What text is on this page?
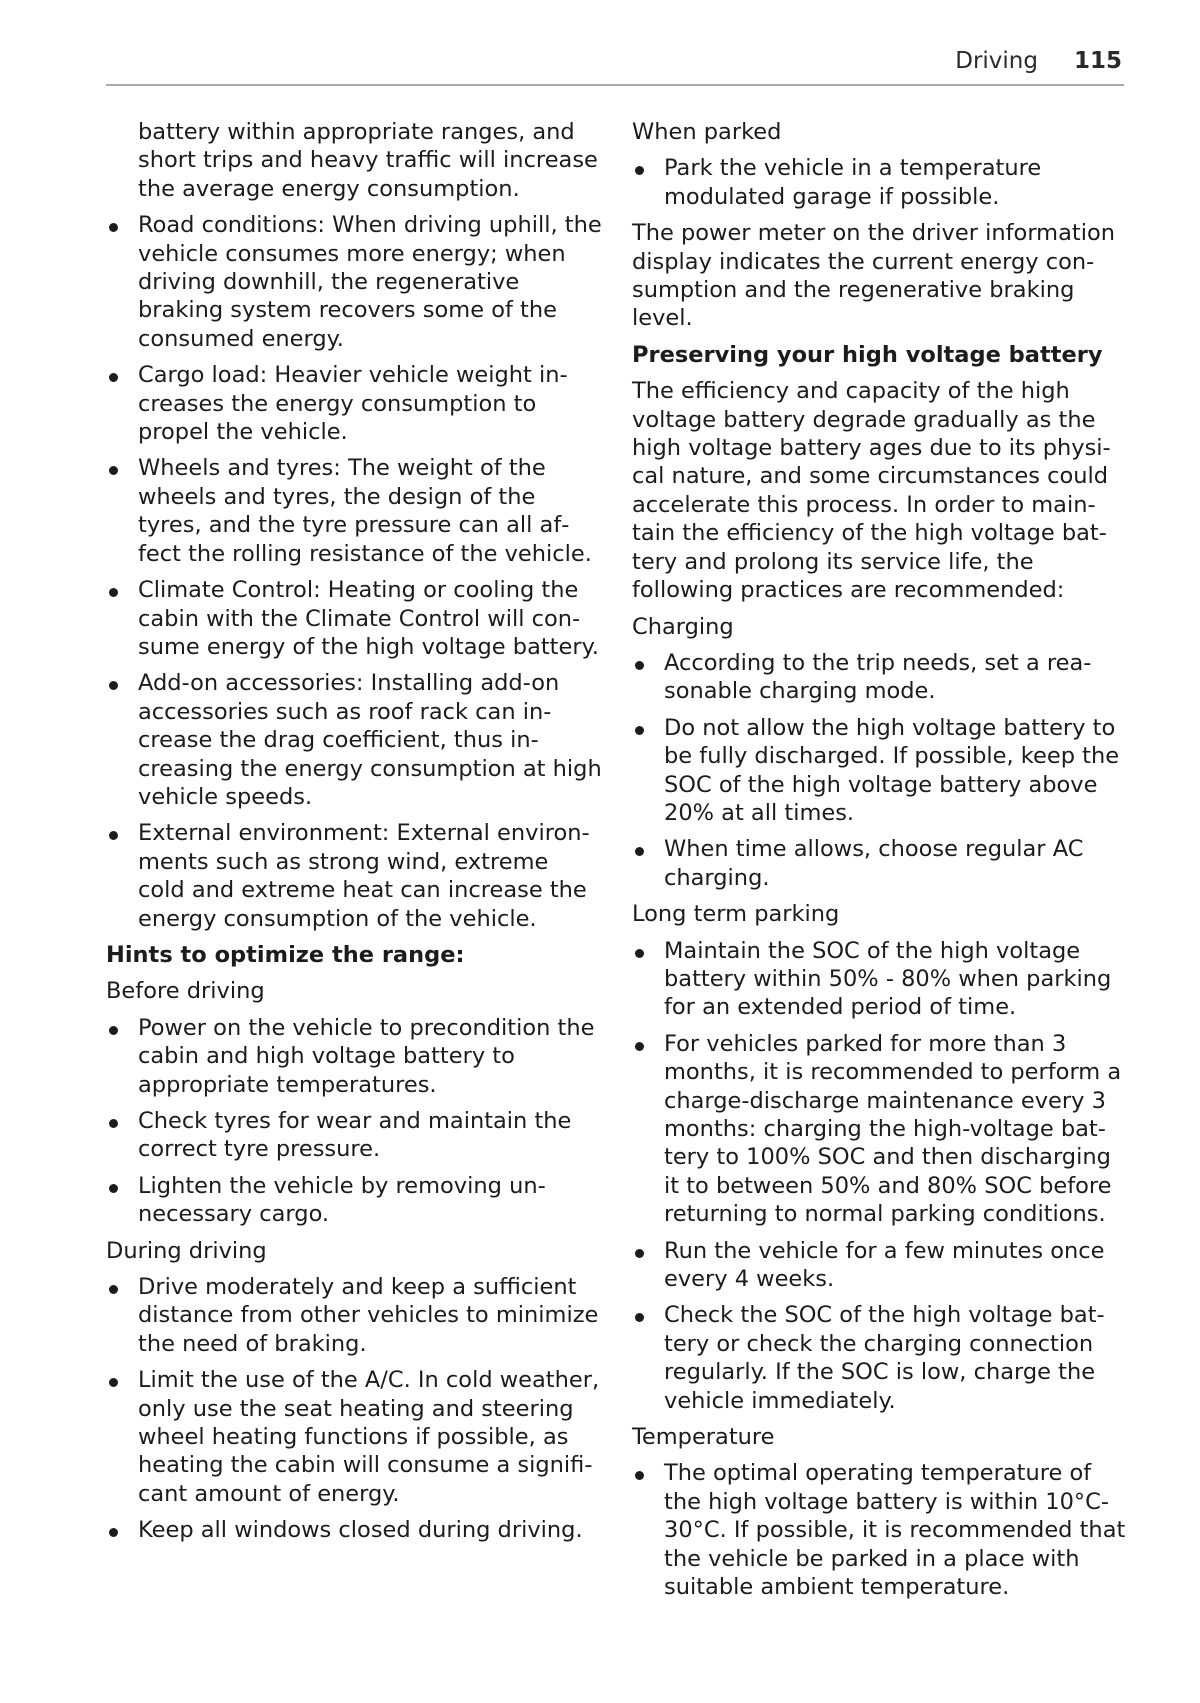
Driving 115

battery within appropriate ranges, and short trips and heavy traffic will increase the average energy consumption.

Road conditions: When driving uphill, the vehicle consumes more energy; when driving downhill, the regenerative braking system recovers some of the consumed energy.
Cargo load: Heavier vehicle weight increases the energy consumption to propel the vehicle.
Wheels and tyres: The weight of the wheels and tyres, the design of the tyres, and the tyre pressure can all affect the rolling resistance of the vehicle.
Climate Control: Heating or cooling the cabin with the Climate Control will consume energy of the high voltage battery.
Add-on accessories: Installing add-on accessories such as roof rack can increase the drag coefficient, thus increasing the energy consumption at high vehicle speeds.
External environment: External environments such as strong wind, extreme cold and extreme heat can increase the energy consumption of the vehicle.

Hints to optimize the range:

Before driving

Power on the vehicle to precondition the cabin and high voltage battery to appropriate temperatures.
Check tyres for wear and maintain the correct tyre pressure.
Lighten the vehicle by removing unnecessary cargo.

During driving

Drive moderately and keep a sufficient distance from other vehicles to minimize the need of braking.
Limit the use of the A/C. In cold weather, only use the seat heating and steering wheel heating functions if possible, as heating the cabin will consume a significant amount of energy.
Keep all windows closed during driving.

When parked

Park the vehicle in a temperature modulated garage if possible.

The power meter on the driver information display indicates the current energy consumption and the regenerative braking level.

Preserving your high voltage battery

The efficiency and capacity of the high voltage battery degrade gradually as the high voltage battery ages due to its physical nature, and some circumstances could accelerate this process. In order to maintain the efficiency of the high voltage battery and prolong its service life, the following practices are recommended:

Charging

According to the trip needs, set a reasonable charging mode.
Do not allow the high voltage battery to be fully discharged. If possible, keep the SOC of the high voltage battery above 20% at all times.
When time allows, choose regular AC charging.

Long term parking

Maintain the SOC of the high voltage battery within 50% - 80% when parking for an extended period of time.
For vehicles parked for more than 3 months, it is recommended to perform a charge-discharge maintenance every 3 months: charging the high-voltage battery to 100% SOC and then discharging it to between 50% and 80% SOC before returning to normal parking conditions.
Run the vehicle for a few minutes once every 4 weeks.
Check the SOC of the high voltage battery or check the charging connection regularly. If the SOC is low, charge the vehicle immediately.

Temperature

The optimal operating temperature of the high voltage battery is within 10°C-30°C. If possible, it is recommended that the vehicle be parked in a place with suitable ambient temperature.
